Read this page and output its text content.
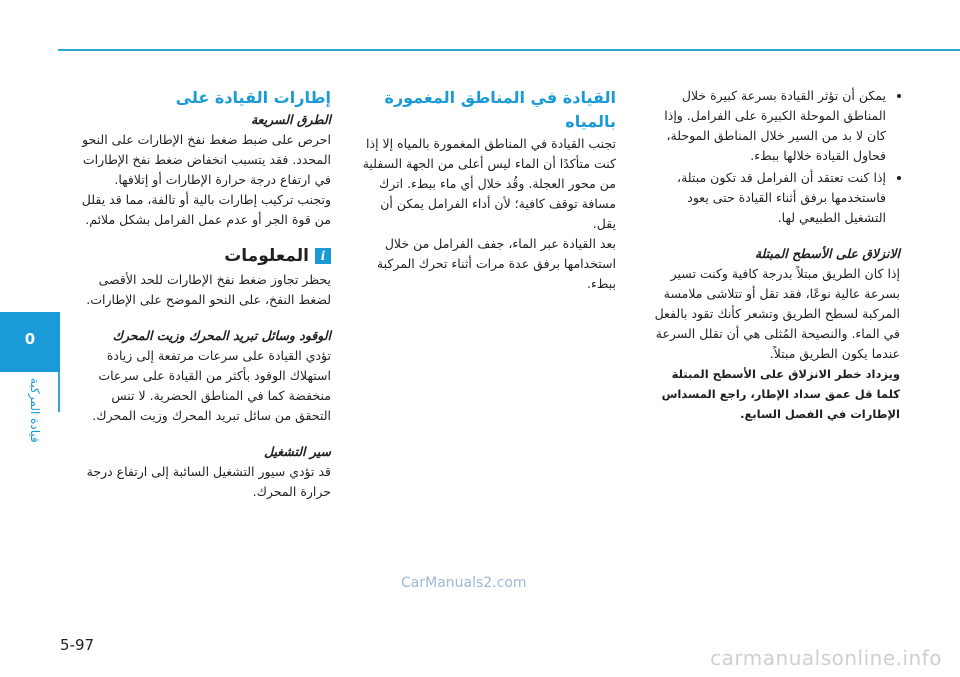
0
قيادة المركبة
• يمكن أن تؤثر القيادة بسرعة كبيرة خلال المناطق الموحلة الكبيرة على الفرامل. وإذا كان لا بد من السير خلال المناطق الموحلة، فحاول القيادة خلالها ببطء.
• إذا كنت تعتقد أن الفرامل قد تكون مبتلة، فاستخدمها برفق أثناء القيادة حتى يعود التشغيل الطبيعي لها.

الانزلاق على الأسطح المبتلة

إذا كان الطريق مبتلاً بدرجة كافية وكنت تسير بسرعة عالية نوعًا، فقد تقل أو تتلاشى ملامسة المركبة لسطح الطريق وتشعر كأنك تقود بالفعل في الماء. والنصيحة المُثلى هي أن تقلل السرعة عندما يكون الطريق مبتلاً.

ويزداد خطر الانزلاق على الأسطح المبتلة كلما قل عمق سداد الإطار، راجع المسداس الإطارات في الفصل السابع.

القيادة في المناطق المغمورة بالمياه

تجنب القيادة في المناطق المغمورة بالمياه إلا إذا كنت متأكدًا أن الماء ليس أعلى من الجهة السفلية من محور العجلة. وقُد خلال أي ماء ببطء. اترك مسافة توقف كافية؛ لأن أداء الفرامل يمكن أن يقل.

بعد القيادة عبر الماء، جفف الفرامل من خلال استخدامها برفق عدة مرات أثناء تحرك المركبة ببطء.

إطارات القيادة على

الطرق السريعة

احرص على ضبط ضغط نفخ الإطارات على النحو المحدد. فقد يتسبب انخفاض ضغط نفخ الإطارات في ارتفاع درجة حرارة الإطارات أو إتلافها.

وتجنب تركيب إطارات بالية أو تالفة، مما قد يقلل من قوة الجر أو عدم عمل الفرامل بشكل ملائم.

i
المعلومات

يحظر تجاوز ضغط نفخ الإطارات للحد الأقصى لضغط النفخ، على النحو الموضح على الإطارات.

الوقود وسائل تبريد المحرك وزيت المحرك

تؤدي القيادة على سرعات مرتفعة إلى زيادة استهلاك الوقود بأكثر من القيادة على سرعات منخفضة كما في المناطق الحضرية. لا تنس التحقق من سائل تبريد المحرك وزيت المحرك.

سير التشغيل

قد تؤدي سيور التشغيل السائبة إلى ارتفاع درجة حرارة المحرك.

CarManuals2.com
5-97
carmanualsonline.info
